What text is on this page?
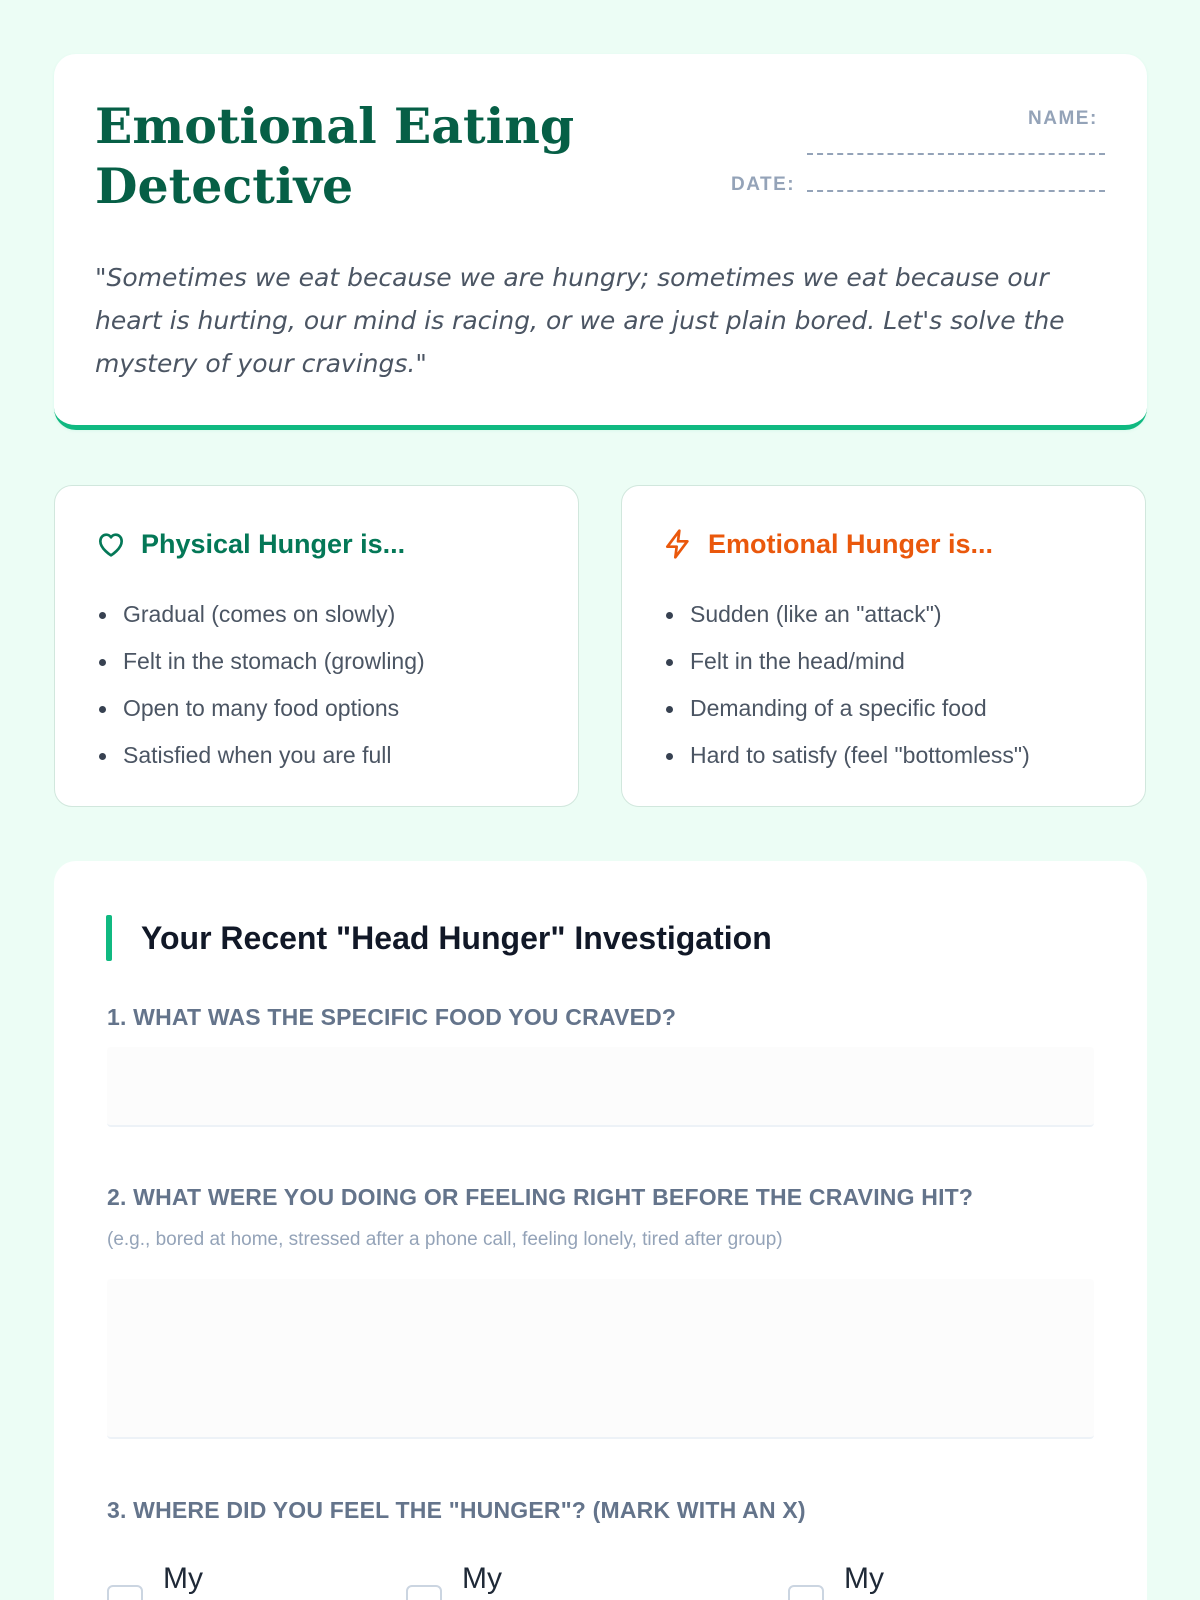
Emotional Eating Detective
NAME:
DATE:

"Sometimes we eat because we are hungry; sometimes we eat because our heart is hurting, our mind is racing, or we are just plain bored. Let's solve the mystery of your cravings."

Physical Hunger is...
Gradual (comes on slowly)
Felt in the stomach (growling)
Open to many food options
Satisfied when you are full
Emotional Hunger is...
Sudden (like an "attack")
Felt in the head/mind
Demanding of a specific food
Hard to satisfy (feel "bottomless")
Your Recent "Head Hunger" Investigation
1. WHAT WAS THE SPECIFIC FOOD YOU CRAVED?
2. WHAT WERE YOU DOING OR FEELING RIGHT BEFORE THE CRAVING HIT?
(e.g., bored at home, stressed after a phone call, feeling lonely, tired after group)
3. WHERE DID YOU FEEL THE "HUNGER"? (MARK WITH AN X)
My	My	My
